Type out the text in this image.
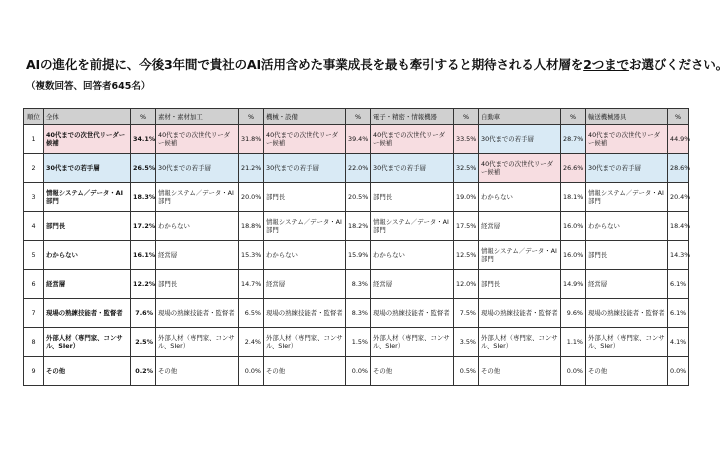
AIの進化を前提に、今後3年間で貴社のAI活用含めた事業成長を最も牽引すると期待される人材層を2つまでお選びください。
（複数回答、回答者645名）
順位	全体	%	素材・素材加工	%	機械・設備	%	電子・精密・情報機器	%	自動車	%	輸送機械器具	%
1	40代までの次世代リーダー候補	34.1%	40代までの次世代リーダー候補	31.8%	40代までの次世代リーダー候補	39.4%	40代までの次世代リーダー候補	33.5%	30代までの若手層	28.7%	40代までの次世代リーダー候補	44.9%
2	30代までの若手層	26.5%	30代までの若手層	21.2%	30代までの若手層	22.0%	30代までの若手層	32.5%	40代までの次世代リーダー候補	26.6%	30代までの若手層	28.6%
3	情報システム／データ・AI部門	18.3%	情報システム／データ・AI部門	20.0%	部門長	20.5%	部門長	19.0%	わからない	18.1%	情報システム／データ・AI部門	20.4%
4	部門長	17.2%	わからない	18.8%	情報システム／データ・AI部門	18.2%	情報システム／データ・AI部門	17.5%	経営層	16.0%	わからない	18.4%
5	わからない	16.1%	経営層	15.3%	わからない	15.9%	わからない	12.5%	情報システム／データ・AI部門	16.0%	部門長	14.3%
6	経営層	12.2%	部門長	14.7%	経営層	8.3%	経営層	12.0%	部門長	14.9%	経営層	6.1%
7	現場の熟練技能者・監督者	7.6%	現場の熟練技能者・監督者	6.5%	現場の熟練技能者・監督者	8.3%	現場の熟練技能者・監督者	7.5%	現場の熟練技能者・監督者	9.6%	現場の熟練技能者・監督者	6.1%
8	外部人材（専門家、コンサル、SIer）	2.5%	外部人材（専門家、コンサル、SIer）	2.4%	外部人材（専門家、コンサル、SIer）	1.5%	外部人材（専門家、コンサル、SIer）	3.5%	外部人材（専門家、コンサル、SIer）	1.1%	外部人材（専門家、コンサル、SIer）	4.1%
9	その他	0.2%	その他	0.0%	その他	0.0%	その他	0.5%	その他	0.0%	その他	0.0%
